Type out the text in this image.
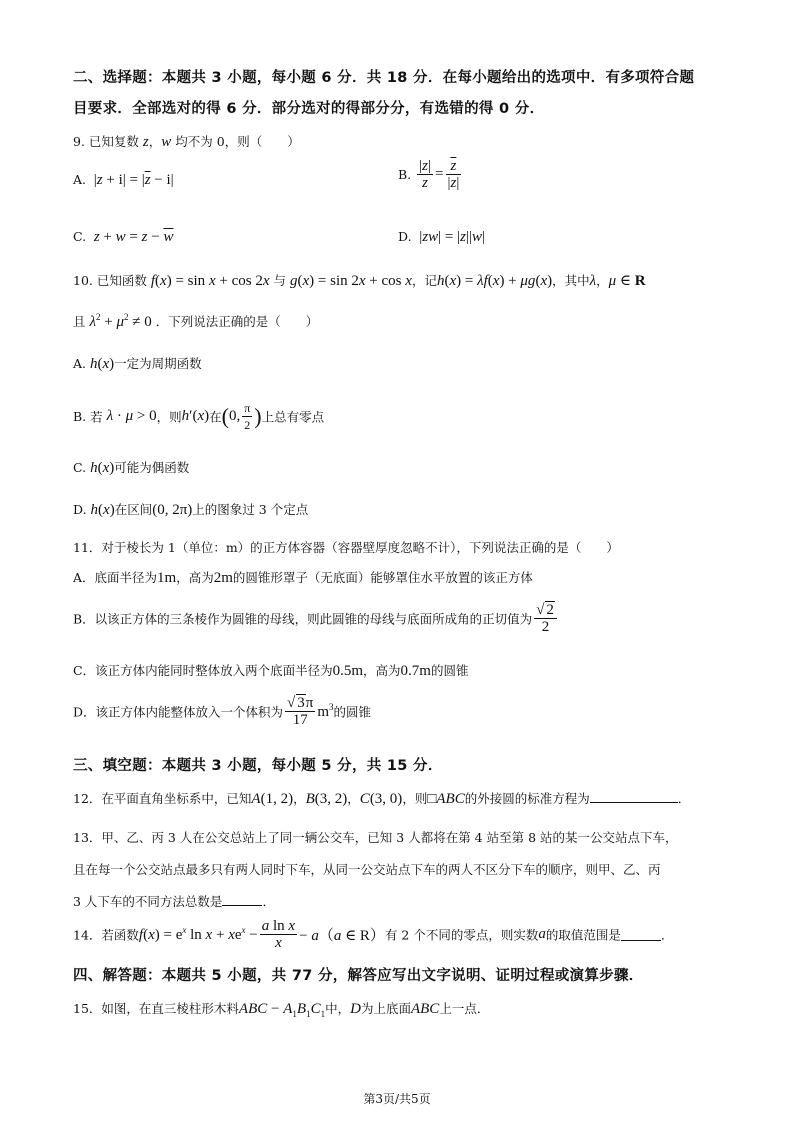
二、选择题：本题共 3 小题，每小题 6 分．共 18 分．在每小题给出的选项中．有多项符合题
目要求．全部选对的得 6 分．部分选对的得部分分，有选错的得 0 分．
9. 已知复数 z，w 均不为 0，则（　　）
A.  $|z + i| = |\overline{z} - i|$	B. $\frac{|z|}{z} = \frac{\overline{z}}{|\overline{z}|}$
C. $z + w = z - \overline{w}$	D.  |zw| = |z||w|
10. 已知函数 f(x) = sin x + cos 2x 与 g(x) = sin 2x + cos x，记h(x) = λf(x) + μg(x)，其中λ，μ ∈ R
且 $\lambda^2 + \mu^2 \ne 0$ ．下列说法正确的是（　　）
A. h(x)一定为周期函数
B. 若 λ · μ > 0，则h′(x)在(0, $\frac{\pi}{2}$ )上总有零点
C. h(x)可能为偶函数
D. h(x)在区间(0, 2π)上的图象过 3 个定点
11．对于棱长为 1（单位：m）的正方体容器（容器壁厚度忽略不计），下列说法正确的是（　　）
A．底面半径为1m，高为2m的圆锥形罩子（无底面）能够罩住水平放置的该正方体
B．以该正方体的三条棱作为圆锥的母线，则此圆锥的母线与底面所成角的正切值为 $\frac{√ 2}{2}$
C．该正方体内能同时整体放入两个底面半径为0.5m，高为0.7m的圆锥
D．该正方体内能整体放入一个体积为 $\frac{√ 3\pi}{17} m^3$的圆锥
三、填空题：本题共 3 小题，每小题 5 分，共 15 分．
12．在平面直角坐标系中，已知A(1, 2)，B(3, 2)，C(3, 0)，则□ABC的外接圆的标准方程为	．
13．甲、乙、丙 3 人在公交总站上了同一辆公交车，已知 3 人都将在第 4 站至第 8 站的某一公交站点下车，
且在每一个公交站点最多只有两人同时下车，从同一公交站点下车的两人不区分下车的顺序，则甲、乙、丙
3 人下车的不同方法总数是	．
14．若函数$f(x) = e^x$ $\ln x + xe^x - \frac{\text{a ln x}}{x} - a(a$ ∈ R）有 2 个不同的零点，则实数a的取值范围是	．
四、解答题：本题共 5 小题，共 77 分，解答应写出文字说明、证明过程或演算步骤．
15．如图，在直三棱柱形木料ABC − $A_1B_1C_1$中，D为上底面ABC上一点．
第3页/共5页
